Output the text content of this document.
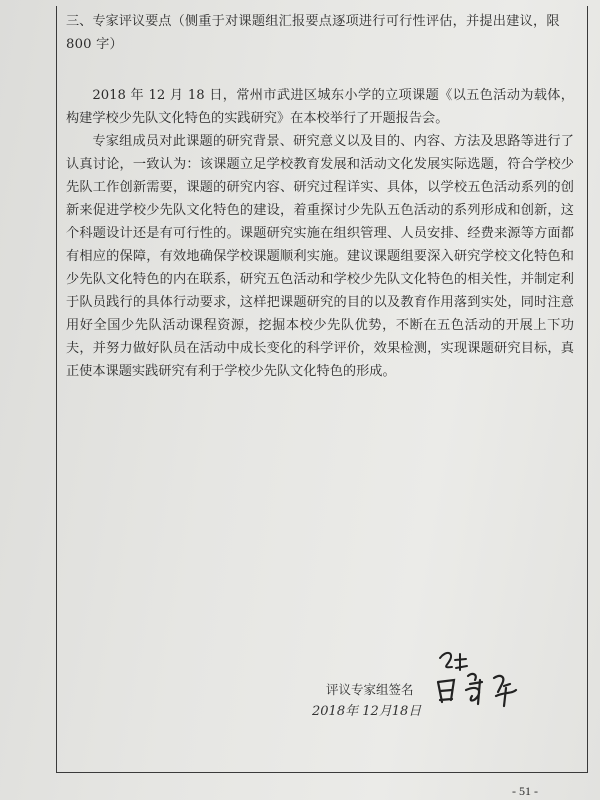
三、专家评议要点（侧重于对课题组汇报要点逐项进行可行性评估，并提出建议，限 800 字）

2018 年 12 月 18 日，常州市武进区城东小学的立项课题《以五色活动为载体，构建学校少先队文化特色的实践研究》在本校举行了开题报告会。

专家组成员对此课题的研究背景、研究意义以及目的、内容、方法及思路等进行了认真讨论，一致认为：该课题立足学校教育发展和活动文化发展实际选题，符合学校少先队工作创新需要，课题的研究内容、研究过程详实、具体，以学校五色活动系列的创新来促进学校少先队文化特色的建设，着重探讨少先队五色活动的系列形成和创新，这个科题设计还是有可行性的。课题研究实施在组织管理、人员安排、经费来源等方面都有相应的保障，有效地确保学校课题顺利实施。建议课题组要深入研究学校文化特色和少先队文化特色的内在联系，研究五色活动和学校少先队文化特色的相关性，并制定利于队员践行的具体行动要求，这样把课题研究的目的以及教育作用落到实处，同时注意用好全国少先队活动课程资源，挖掘本校少先队优势，不断在五色活动的开展上下功夫，并努力做好队员在活动中成长变化的科学评价，效果检测，实现课题研究目标，真正使本课题实践研究有利于学校少先队文化特色的形成。

评议专家组签名
2018年 12月18日
- 51 -
